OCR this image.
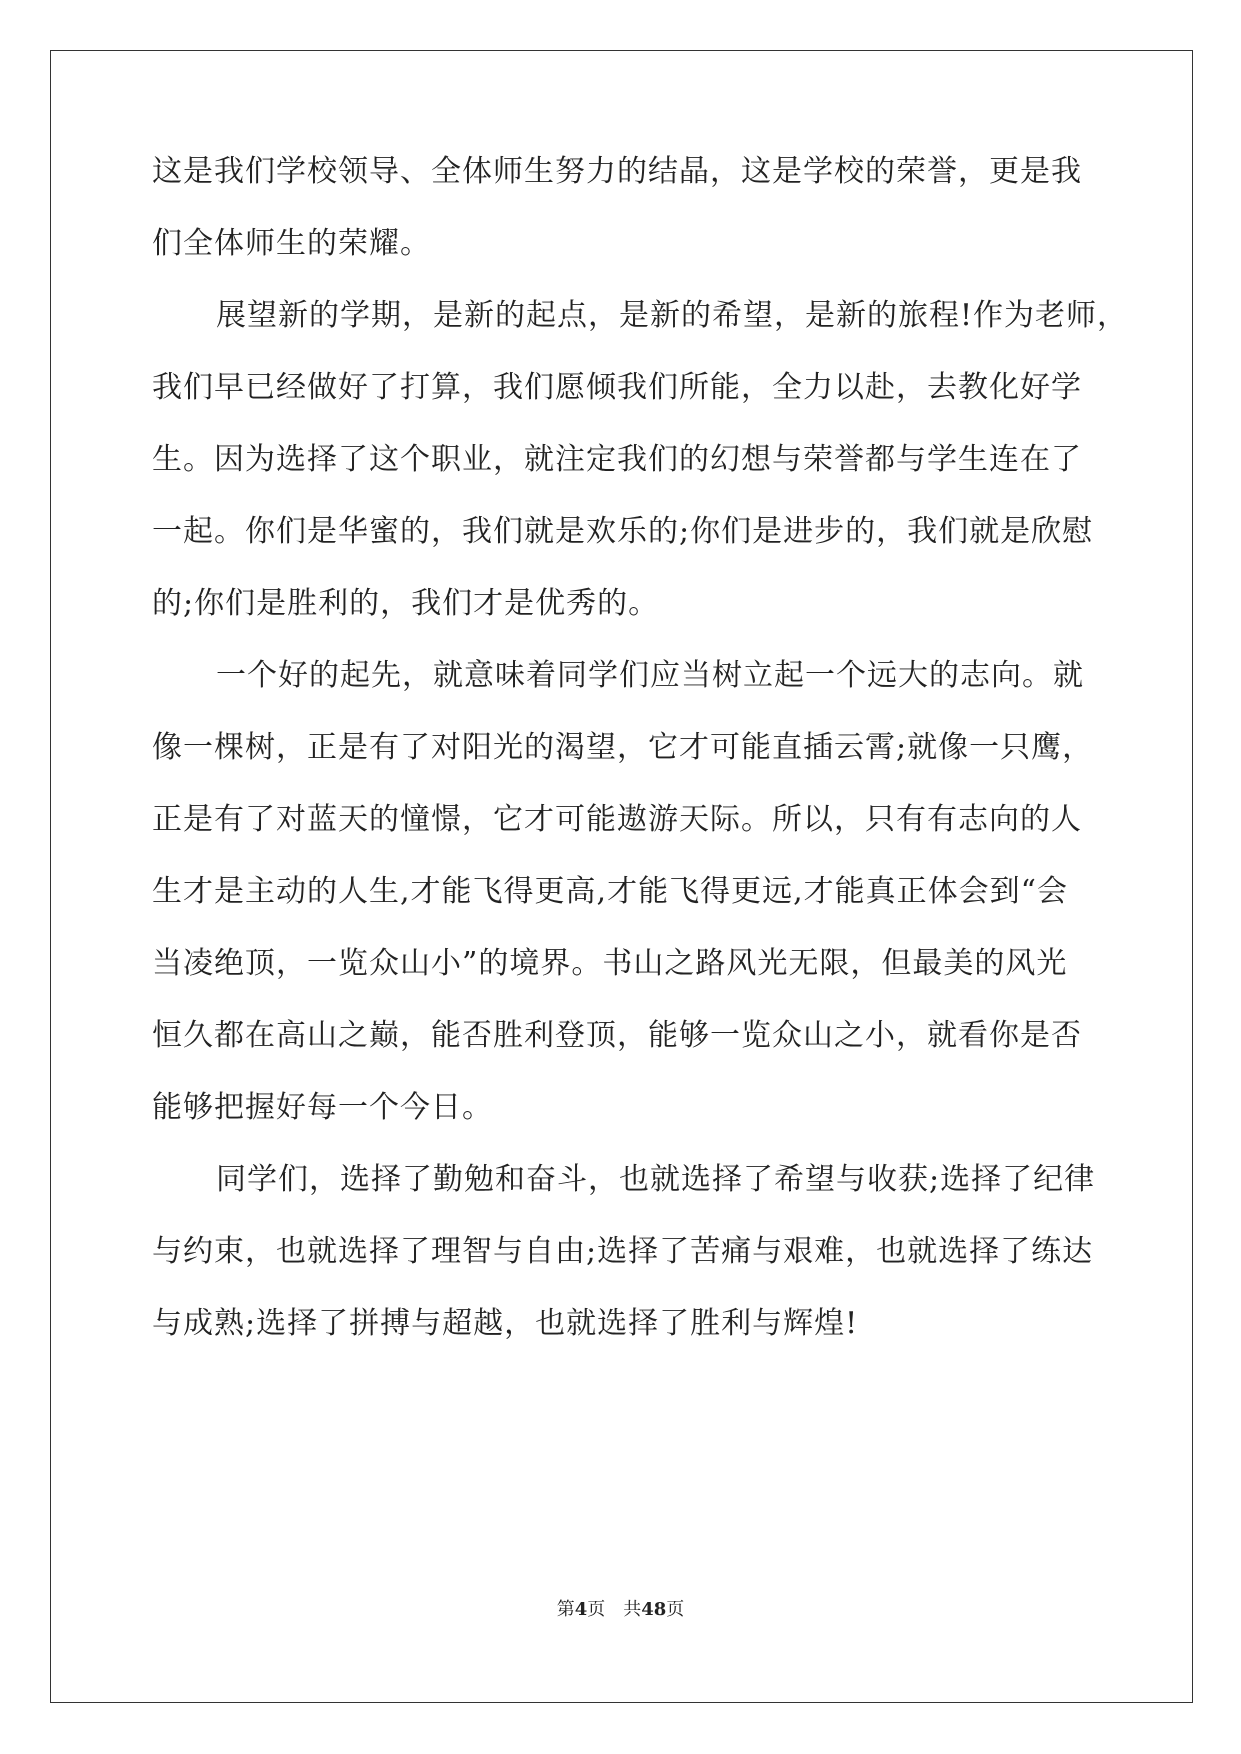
这是我们学校领导、全体师生努力的结晶，这是学校的荣誉，更是我
们全体师生的荣耀。
展望新的学期，是新的起点，是新的希望，是新的旅程!作为老师，
我们早已经做好了打算，我们愿倾我们所能，全力以赴，去教化好学
生。因为选择了这个职业，就注定我们的幻想与荣誉都与学生连在了
一起。你们是华蜜的，我们就是欢乐的;你们是进步的，我们就是欣慰
的;你们是胜利的，我们才是优秀的。
一个好的起先，就意味着同学们应当树立起一个远大的志向。就
像一棵树，正是有了对阳光的渴望，它才可能直插云霄;就像一只鹰，
正是有了对蓝天的憧憬，它才可能遨游天际。所以，只有有志向的人
生才是主动的人生,才能飞得更高,才能飞得更远,才能真正体会到“会
当凌绝顶，一览众山小”的境界。书山之路风光无限，但最美的风光
恒久都在高山之巅，能否胜利登顶，能够一览众山之小，就看你是否
能够把握好每一个今日。
同学们，选择了勤勉和奋斗，也就选择了希望与收获;选择了纪律
与约束，也就选择了理智与自由;选择了苦痛与艰难，也就选择了练达
与成熟;选择了拼搏与超越，也就选择了胜利与辉煌!
第4页　共48页
